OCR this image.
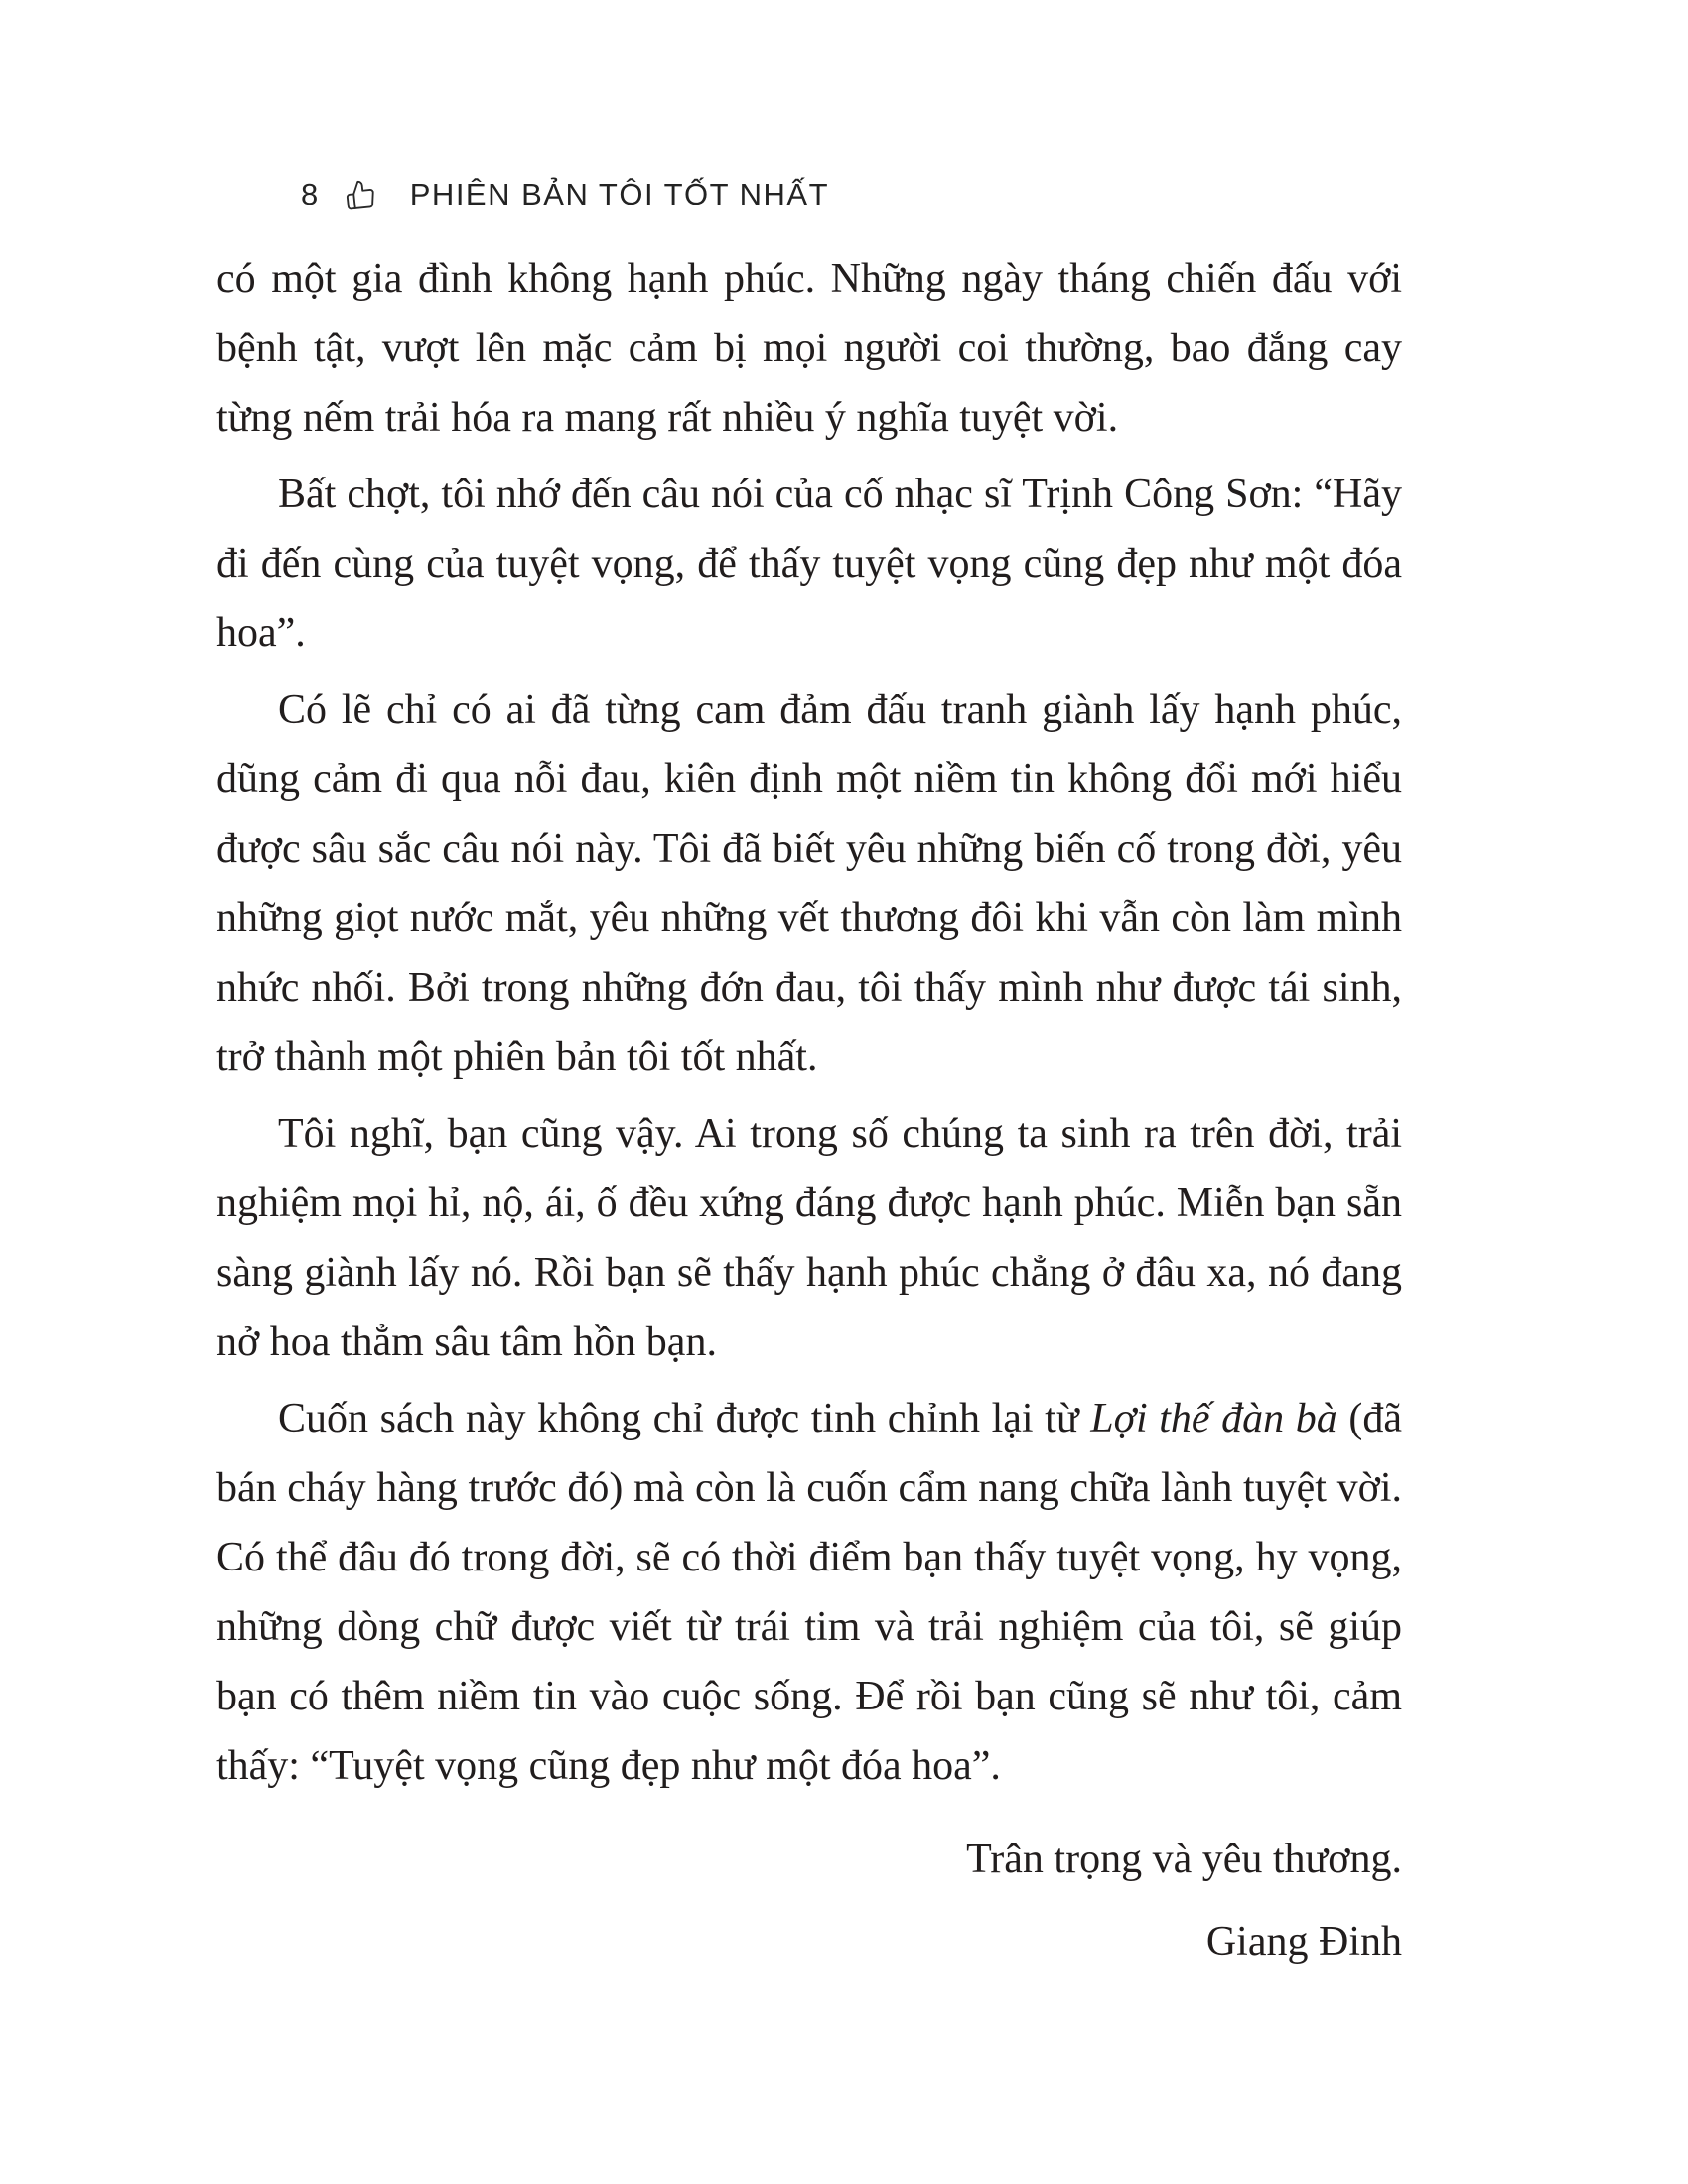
8	PHIÊN BẢN TÔI TỐT NHẤT

có một gia đình không hạnh phúc. Những ngày tháng chiến đấu với bệnh tật, vượt lên mặc cảm bị mọi người coi thường, bao đắng cay từng nếm trải hóa ra mang rất nhiều ý nghĩa tuyệt vời.

Bất chợt, tôi nhớ đến câu nói của cố nhạc sĩ Trịnh Công Sơn: “Hãy đi đến cùng của tuyệt vọng, để thấy tuyệt vọng cũng đẹp như một đóa hoa”.

Có lẽ chỉ có ai đã từng cam đảm đấu tranh giành lấy hạnh phúc, dũng cảm đi qua nỗi đau, kiên định một niềm tin không đổi mới hiểu được sâu sắc câu nói này. Tôi đã biết yêu những biến cố trong đời, yêu những giọt nước mắt, yêu những vết thương đôi khi vẫn còn làm mình nhức nhối. Bởi trong những đớn đau, tôi thấy mình như được tái sinh, trở thành một phiên bản tôi tốt nhất.

Tôi nghĩ, bạn cũng vậy. Ai trong số chúng ta sinh ra trên đời, trải nghiệm mọi hỉ, nộ, ái, ố đều xứng đáng được hạnh phúc. Miễn bạn sẵn sàng giành lấy nó. Rồi bạn sẽ thấy hạnh phúc chẳng ở đâu xa, nó đang nở hoa thẳm sâu tâm hồn bạn.

Cuốn sách này không chỉ được tinh chỉnh lại từ Lợi thế đàn bà (đã bán cháy hàng trước đó) mà còn là cuốn cẩm nang chữa lành tuyệt vời. Có thể đâu đó trong đời, sẽ có thời điểm bạn thấy tuyệt vọng, hy vọng, những dòng chữ được viết từ trái tim và trải nghiệm của tôi, sẽ giúp bạn có thêm niềm tin vào cuộc sống. Để rồi bạn cũng sẽ như tôi, cảm thấy: “Tuyệt vọng cũng đẹp như một đóa hoa”.

Trân trọng và yêu thương.

Giang Đinh
